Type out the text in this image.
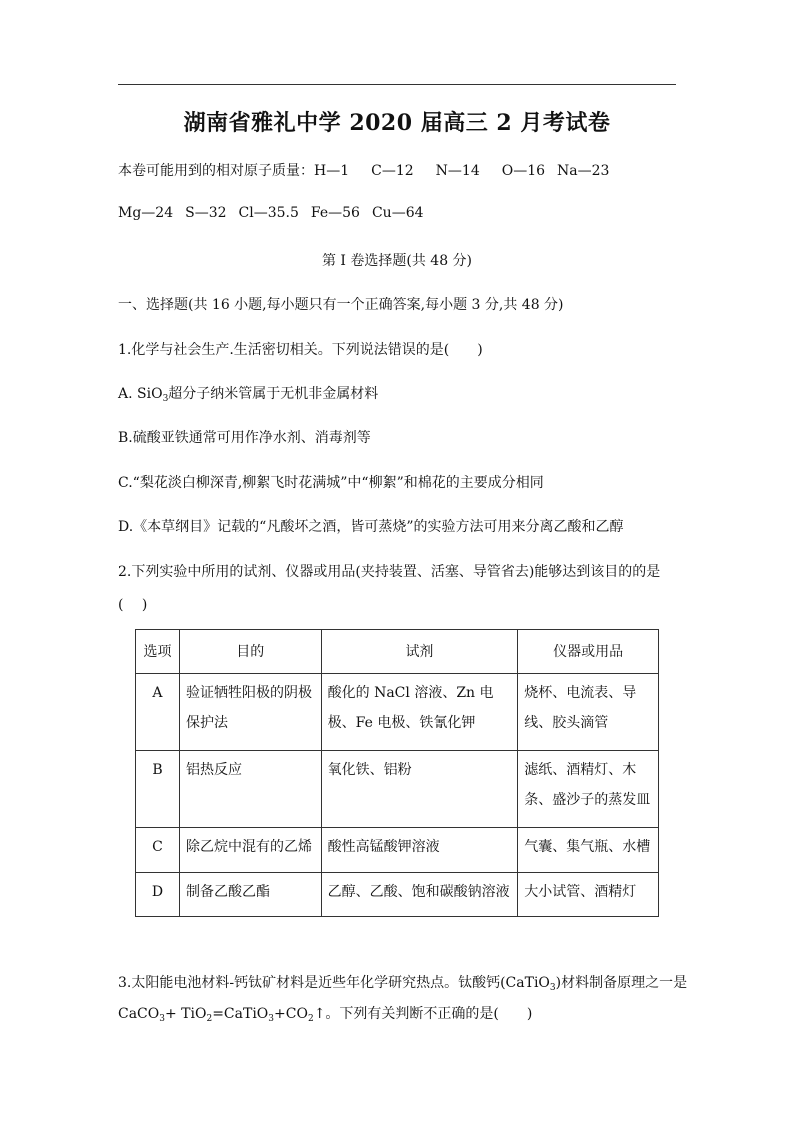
湖南省雅礼中学 2020 届高三 2 月考试卷
本卷可能用到的相对原子质量：H—1 C—12 N—14 O—16 Na—23
Mg—24 S—32 Cl—35.5 Fe—56 Cu—64
第 I 卷选择题(共 48 分)
一、选择题(共 16 小题,每小题只有一个正确答案,每小题 3 分,共 48 分)
1.化学与社会生产.生活密切相关。下列说法错误的是(　　)
A. SiO$_3$超分子纳米管属于无机非金属材料
B.硫酸亚铁通常可用作净水剂、消毒剂等
C.“梨花淡白柳深青,柳絮飞时花满城”中“柳絮”和棉花的主要成分相同
D.《本草纲目》记载的“凡酸坏之酒，皆可蒸烧”的实验方法可用来分离乙酸和乙醇
2.下列实验中所用的试剂、仪器或用品(夹持装置、活塞、导管省去)能够达到该目的的是
(　 )
选项	目的	试剂	仪器或用品
A	验证牺牲阳极的阴极保护法	酸化的 NaCl 溶液、Zn 电极、Fe 电极、铁氰化钾	烧杯、电流表、导线、胶头滴管
B	铝热反应	氧化铁、铝粉	滤纸、酒精灯、木条、盛沙子的蒸发皿
C	除乙烷中混有的乙烯	酸性高锰酸钾溶液	气囊、集气瓶、水槽
D	制备乙酸乙酯	乙醇、乙酸、饱和碳酸钠溶液	大小试管、酒精灯
3.太阳能电池材料-钙钛矿材料是近些年化学研究热点。钛酸钙(CaTiO$_3$)材料制备原理之一是
CaCO$_3$+ $TiO_2=CaTiO_3+CO_2↑$。下列有关判断不正确的是(　　)
